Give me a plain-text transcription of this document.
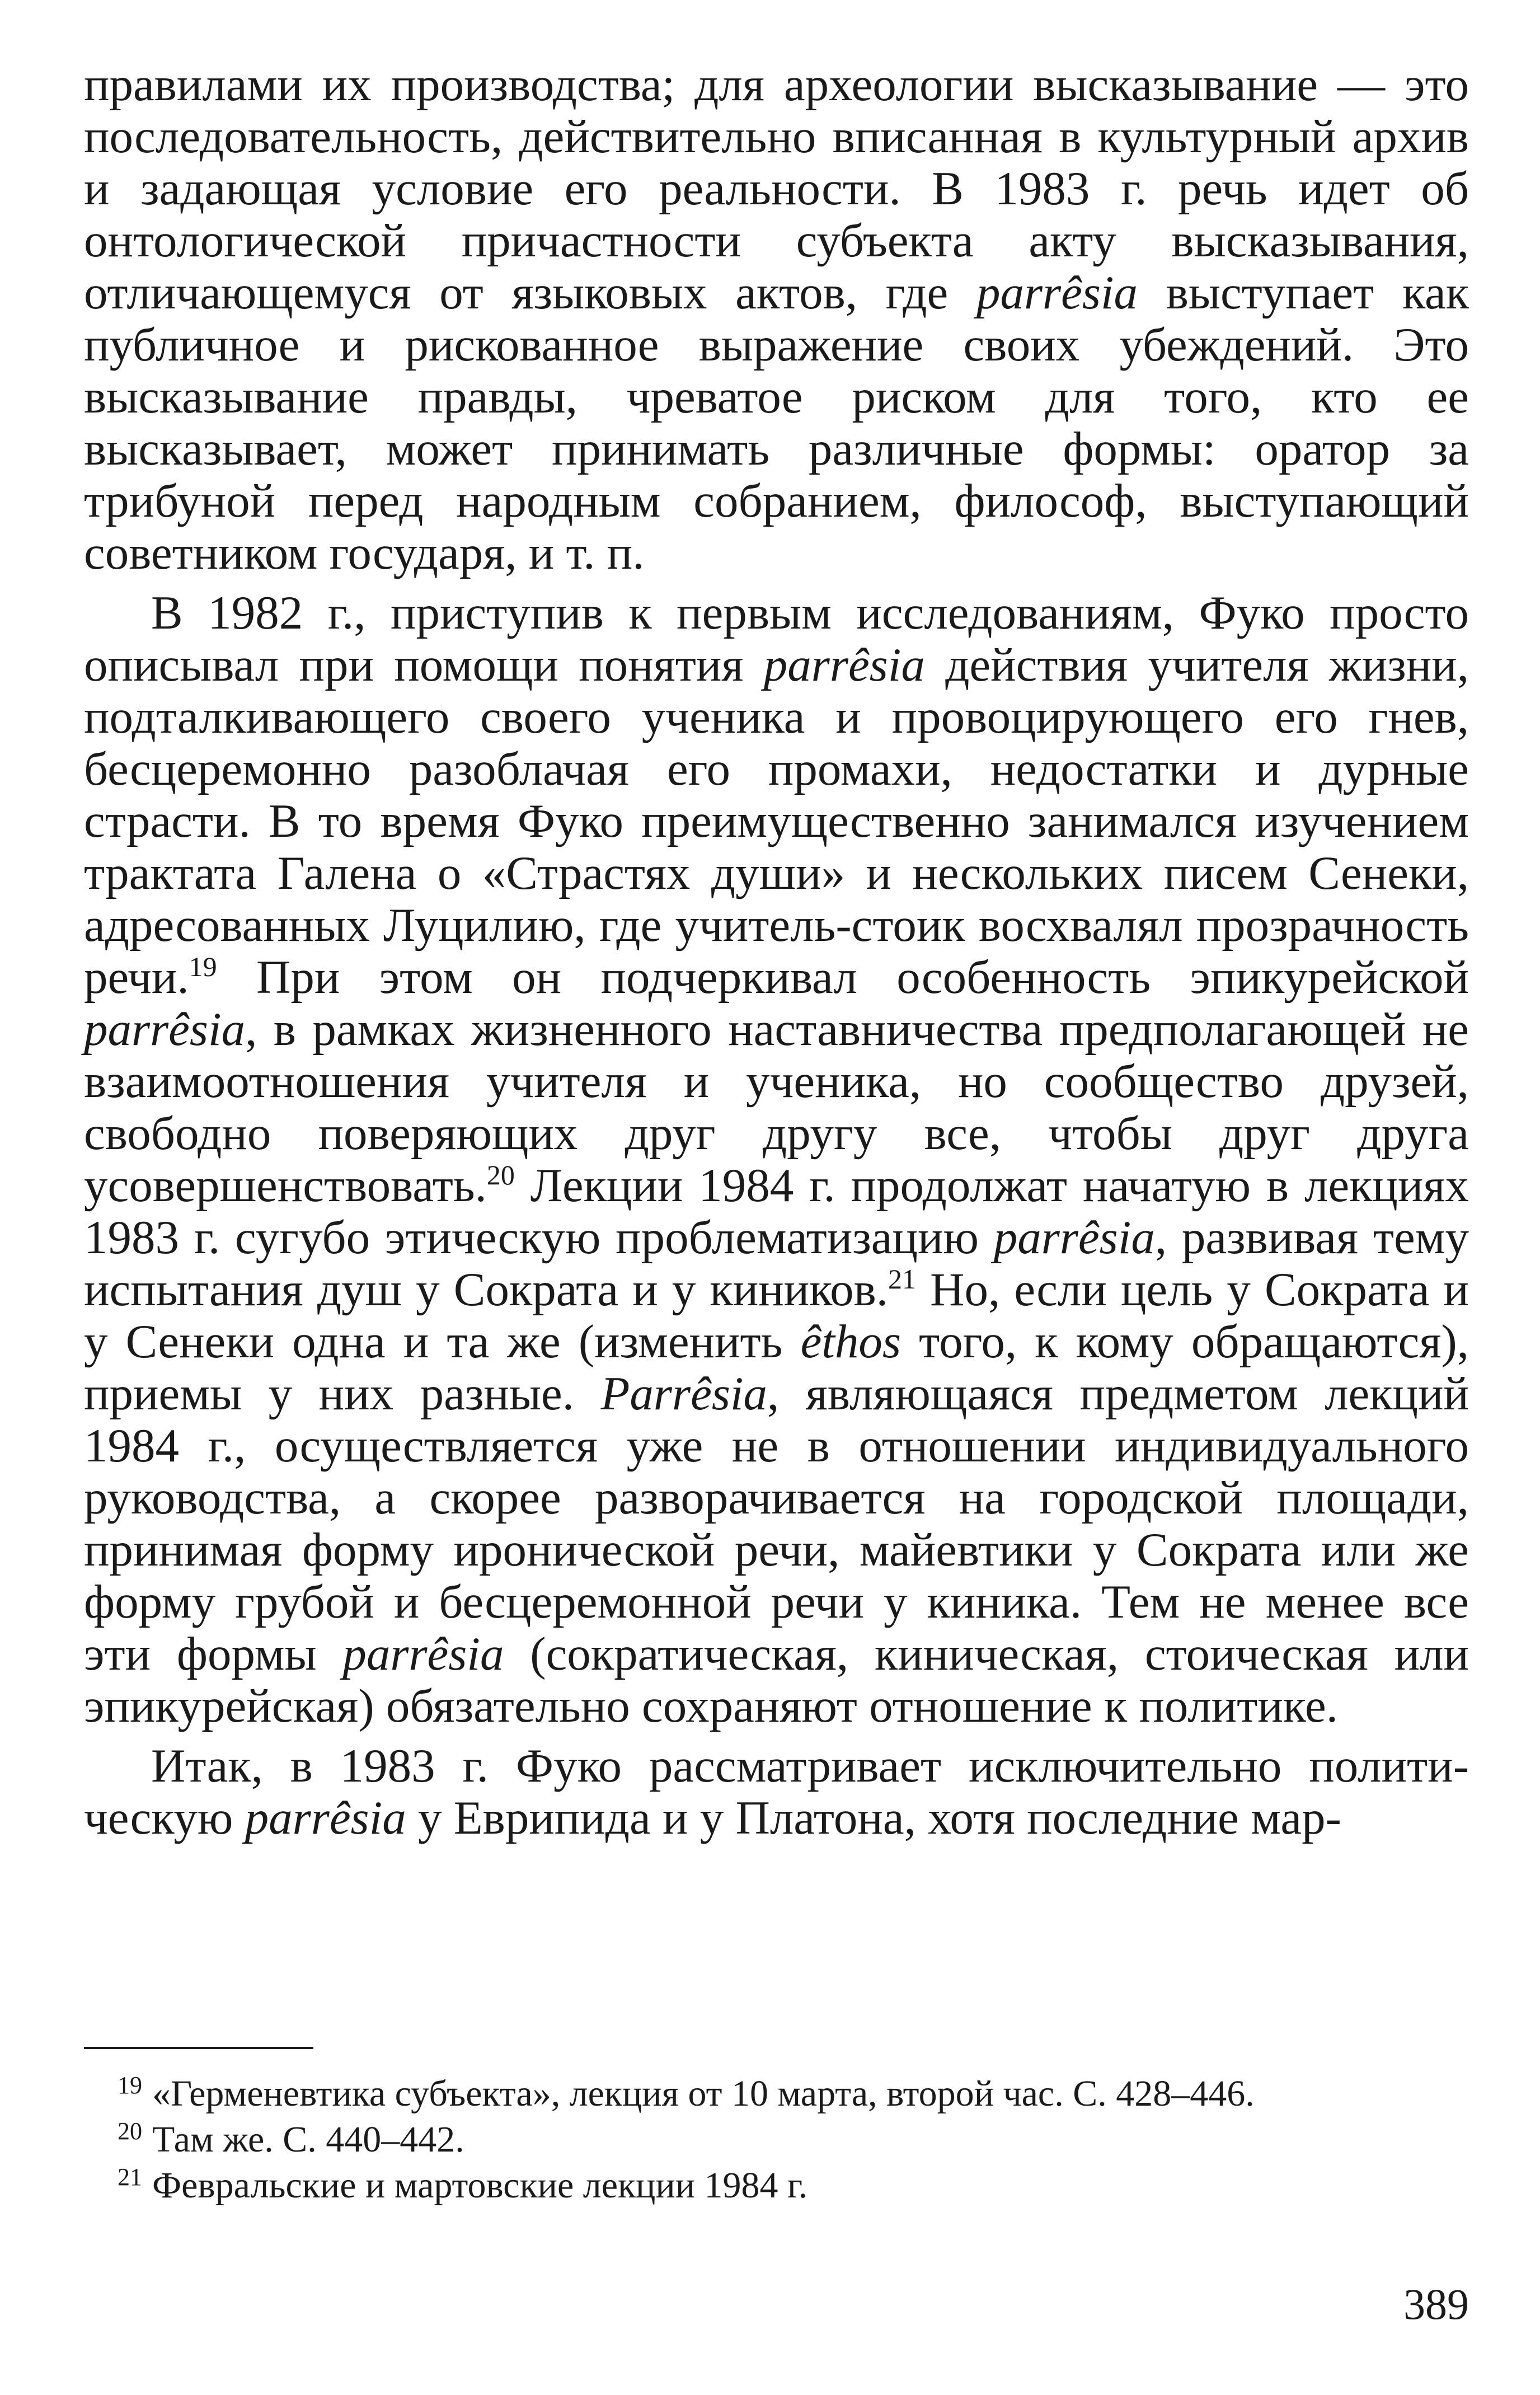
правилами их производства; для археологии высказывание — это последовательность, действительно вписанная в культурный архив и задающая условие его реальности. В 1983 г. речь идет об онтологической причастности субъекта акту высказывания, отличающемуся от языковых актов, где parrêsia выступает как публичное и рискованное выражение своих убеждений. Это высказывание правды, чреватое риском для того, кто ее высказывает, может принимать различные формы: оратор за трибуной перед народным собранием, философ, выступающий советником государя, и т. п.

В 1982 г., приступив к первым исследованиям, Фуко просто описывал при помощи понятия parrêsia действия учителя жизни, подталкивающего своего ученика и провоцирующего его гнев, бесцеремонно разоблачая его промахи, недостатки и дурные страсти. В то время Фуко преимущественно занимался изучением трактата Галена о «Страстях души» и нескольких писем Сенеки, адресованных Луцилию, где учитель-стоик восхвалял прозрачность речи.$^{19}$ При этом он подчеркивал особенность эпикурейской parrêsia, в рамках жизненного наставничества предполагающей не взаимоотношения учителя и ученика, но сообщество друзей, свободно поверяющих друг другу все, чтобы друг друга усовершенствовать.$^{20}$ Лекции 1984 г. продолжат начатую в лекциях 1983 г. сугубо этическую проблематизацию parrêsia, развивая тему испытания душ у Сократа и у киников.$^{21}$ Но, если цель у Сократа и у Сенеки одна и та же (изменить êthos того, к кому обращаются), приемы у них разные. Parrêsia, являющаяся предметом лекций 1984 г., осуществляется уже не в отношении индивидуального руководства, а скорее разворачивается на городской площади, принимая форму иронической речи, майевтики у Сократа или же форму грубой и бесцеремонной речи у киника. Тем не менее все эти формы parrêsia (сократическая, киническая, стоическая или эпикурейская) обязательно сохраняют отношение к политике.

Итак, в 1983 г. Фуко рассматривает исключительно политическую parrêsia у Еврипида и у Платона, хотя последние мар-

$^{19}$ «Герменевтика субъекта», лекция от 10 марта, второй час. С. 428–446.

$^{20}$ Там же. С. 440–442.

$^{21}$ Февральские и мартовские лекции 1984 г.

389
